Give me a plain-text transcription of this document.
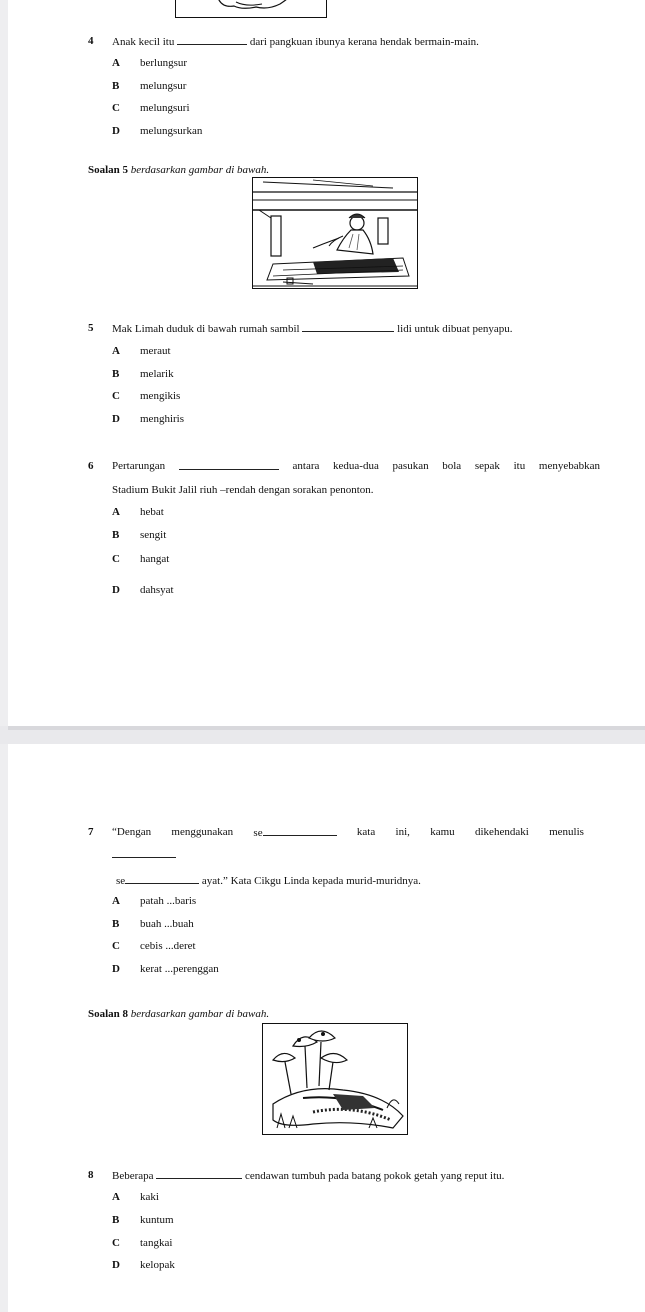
4 Anak kecil itu	dari pangkuan ibunya kerana hendak bermain-main.
A berlungsur
B melungsur
C melungsuri
D melungsurkan
Soalan 5 berdasarkan gambar di bawah.
5 Mak Limah duduk di bawah rumah sambil	lidi untuk dibuat penyapu.
A meraut
B melarik
C mengikis
D menghiris
6 Pertarungan	antara kedua-dua pasukan bola sepak itu menyebabkan
Stadium Bukit Jalil riuh –rendah dengan sorakan penonton.
A hebat
B sengit
C hangat
D dahsyat
7 “Dengan menggunakan se	kata ini, kamu dikehendaki menulis
se	ayat.” Kata Cikgu Linda kepada murid-muridnya.
A patah ...baris
B buah ...buah
C cebis ...deret
D kerat ...perenggan
Soalan 8 berdasarkan gambar di bawah.
8 Beberapa	cendawan tumbuh pada batang pokok getah yang reput itu.
A kaki
B kuntum
C tangkai
D kelopak
